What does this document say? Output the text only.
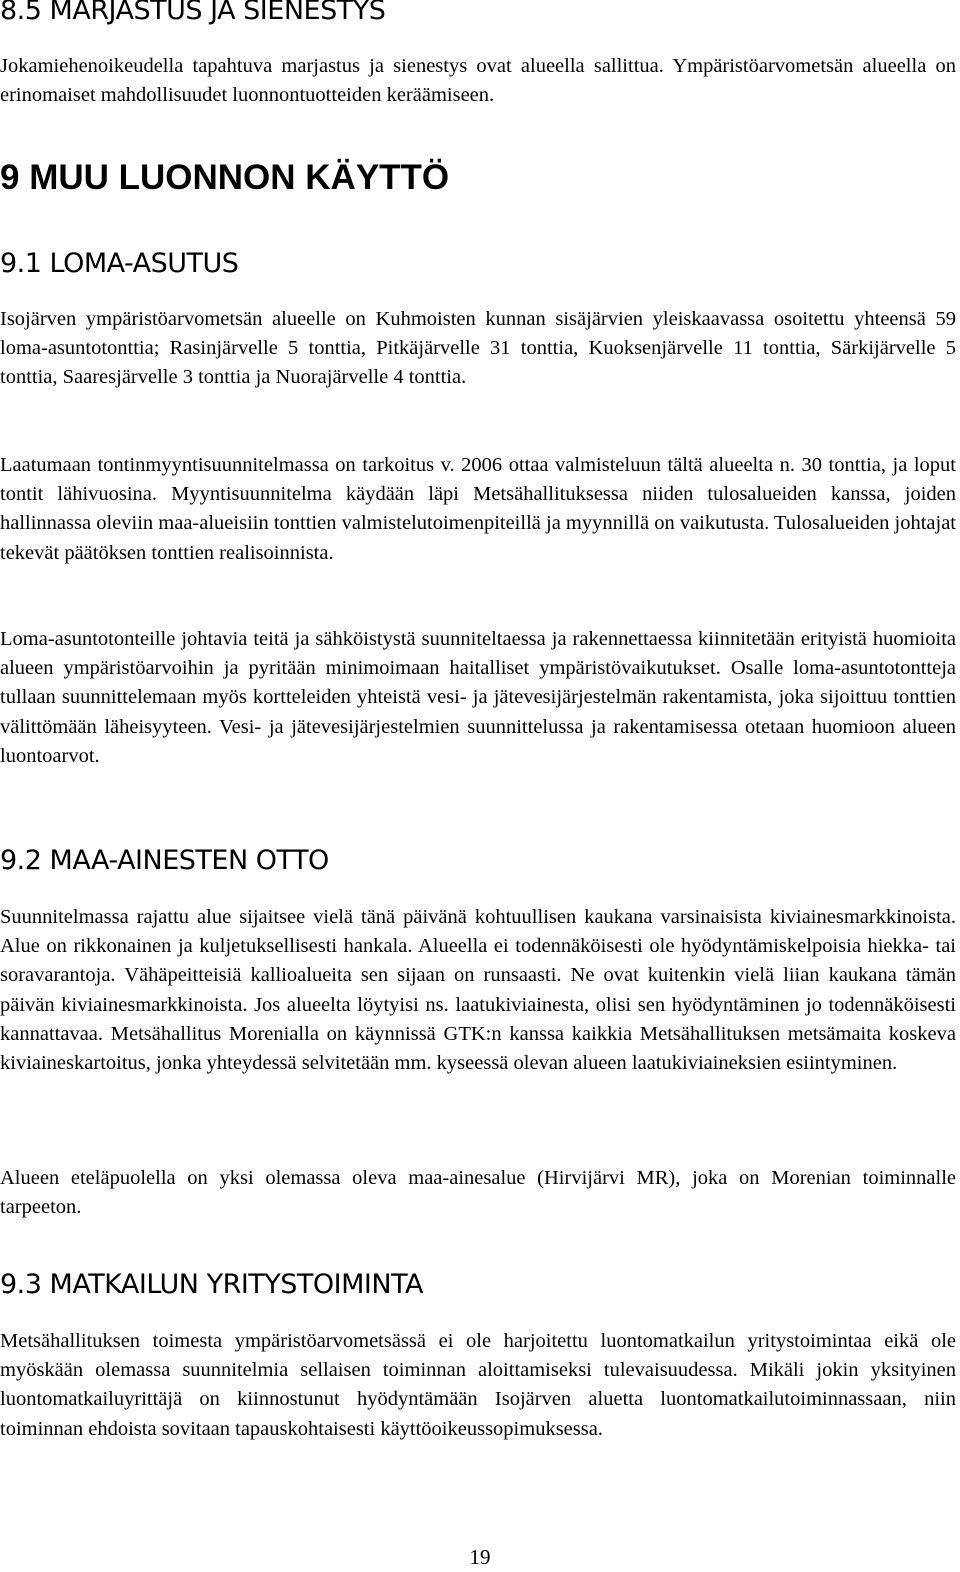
8.5 MARJASTUS JA SIENESTYS

Jokamiehenoikeudella tapahtuva marjastus ja sienestys ovat alueella sallittua. Ympäristöarvometsän alueella on erinomaiset mahdollisuudet luonnontuotteiden keräämiseen.

9 MUU LUONNON KÄYTTÖ
9.1 LOMA-ASUTUS

Isojärven ympäristöarvometsän alueelle on Kuhmoisten kunnan sisäjärvien yleiskaavassa osoitettu yhteensä 59 loma-asuntotonttia; Rasinjärvelle 5 tonttia, Pitkäjärvelle 31 tonttia, Kuoksenjärvelle 11 tonttia, Särkijärvelle 5 tonttia, Saaresjärvelle 3 tonttia ja Nuorajärvelle 4 tonttia.

Laatumaan tontinmyyntisuunnitelmassa on tarkoitus v. 2006 ottaa valmisteluun tältä alueelta n. 30 tonttia, ja loput tontit lähivuosina. Myyntisuunnitelma käydään läpi Metsähallituksessa niiden tulosalueiden kanssa, joiden hallinnassa oleviin maa-alueisiin tonttien valmistelutoimenpiteillä ja myynnillä on vaikutusta. Tulosalueiden johtajat tekevät päätöksen tonttien realisoinnista.

Loma-asuntotonteille johtavia teitä ja sähköistystä suunniteltaessa ja rakennettaessa kiinnitetään erityistä huomioita alueen ympäristöarvoihin ja pyritään minimoimaan haitalliset ympäristövaikutukset. Osalle loma-asuntotontteja tullaan suunnittelemaan myös kortteleiden yhteistä vesi- ja jätevesijärjestelmän rakentamista, joka sijoittuu tonttien välittömään läheisyyteen. Vesi- ja jätevesijärjestelmien suunnittelussa ja rakentamisessa otetaan huomioon alueen luontoarvot.

9.2 MAA-AINESTEN OTTO

Suunnitelmassa rajattu alue sijaitsee vielä tänä päivänä kohtuullisen kaukana varsinaisista kiviainesmarkkinoista. Alue on rikkonainen ja kuljetuksellisesti hankala. Alueella ei todennäköisesti ole hyödyntämiskelpoisia hiekka- tai soravarantoja. Vähäpeitteisiä kallioalueita sen sijaan on runsaasti. Ne ovat kuitenkin vielä liian kaukana tämän päivän kiviainesmarkkinoista. Jos alueelta löytyisi ns. laatukiviainesta, olisi sen hyödyntäminen jo todennäköisesti kannattavaa. Metsähallitus Morenialla on käynnissä GTK:n kanssa kaikkia Metsähallituksen metsämaita koskeva kiviaineskartoitus, jonka yhteydessä selvitetään mm. kyseessä olevan alueen laatukiviaineksien esiintyminen.

Alueen eteläpuolella on yksi olemassa oleva maa-ainesalue (Hirvijärvi MR), joka on Morenian toiminnalle tarpeeton.

9.3 MATKAILUN YRITYSTOIMINTA

Metsähallituksen toimesta ympäristöarvometsässä ei ole harjoitettu luontomatkailun yritystoimintaa eikä ole myöskään olemassa suunnitelmia sellaisen toiminnan aloittamiseksi tulevaisuudessa. Mikäli jokin yksityinen luontomatkailuyrittäjä on kiinnostunut hyödyntämään Isojärven aluetta luontomatkailutoiminnassaan, niin toiminnan ehdoista sovitaan tapauskohtaisesti käyttöoikeussopimuksessa.

19
